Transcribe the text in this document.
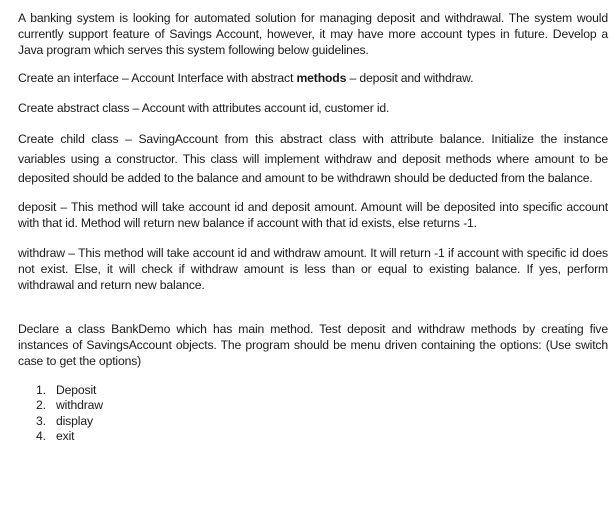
A banking system is looking for automated solution for managing deposit and withdrawal. The system would currently support feature of Savings Account, however, it may have more account types in future. Develop a Java program which serves this system following below guidelines.

Create an interface – Account Interface with abstract methods – deposit and withdraw.

Create abstract class – Account with attributes account id, customer id.

Create child class – SavingAccount from this abstract class with attribute balance. Initialize the instance variables using a constructor. This class will implement withdraw and deposit methods where amount to be deposited should be added to the balance and amount to be withdrawn should be deducted from the balance.

deposit – This method will take account id and deposit amount. Amount will be deposited into specific account with that id. Method will return new balance if account with that id exists, else returns -1.

withdraw – This method will take account id and withdraw amount. It will return -1 if account with specific id does not exist. Else, it will check if withdraw amount is less than or equal to existing balance. If yes, perform withdrawal and return new balance.

Declare a class BankDemo which has main method. Test deposit and withdraw methods by creating five instances of SavingsAccount objects. The program should be menu driven containing the options: (Use switch case to get the options)

1. Deposit
2. withdraw
3. display
4. exit
